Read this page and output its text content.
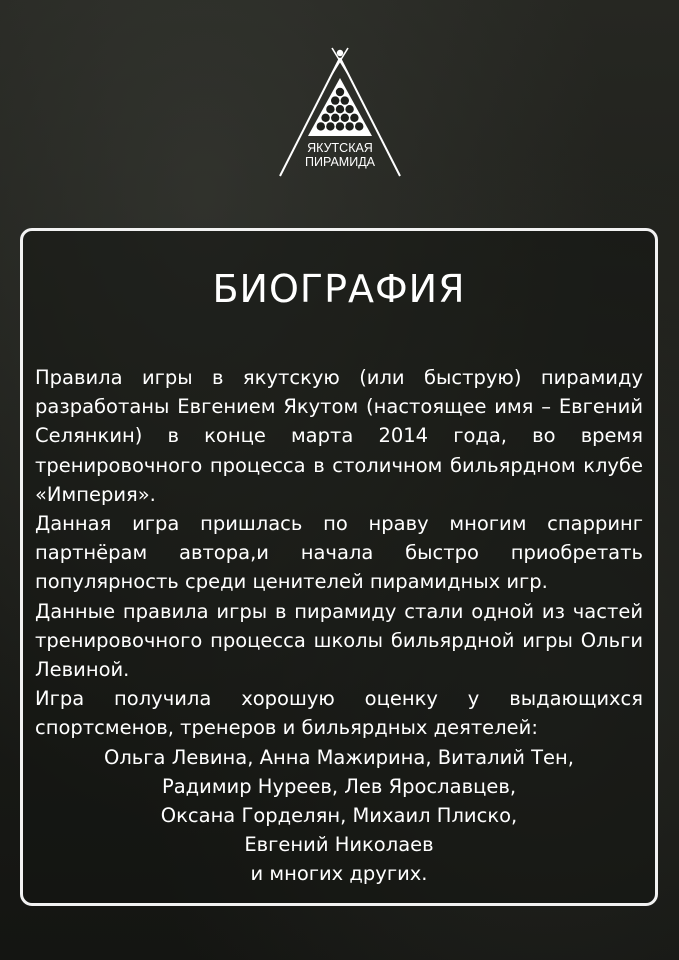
ЯКУТСКАЯ
ПИРАМИДА
БИОГРАФИЯ

Правила игры в якутскую (или быструю) пирамиду разработаны Евгением Якутом (настоящее имя – Евгений Селянкин) в конце марта 2014 года, во время тренировочного процесса в столичном бильярдном клубе «Империя».

Данная игра пришлась по нраву многим спарринг партнёрам автора,и начала быстро приобретать популярность среди ценителей пирамидных игр.

Данные правила игры в пирамиду стали одной из частей тренировочного процесса школы бильярдной игры Ольги Левиной.

Игра получила хорошую оценку у выдающихся спортсменов, тренеров и бильярдных деятелей:

Ольга Левина, Анна Мажирина, Виталий Тен,

Радимир Нуреев, Лев Ярославцев,

Оксана Горделян, Михаил Плиско,

Евгений Николаев

и многих других.
